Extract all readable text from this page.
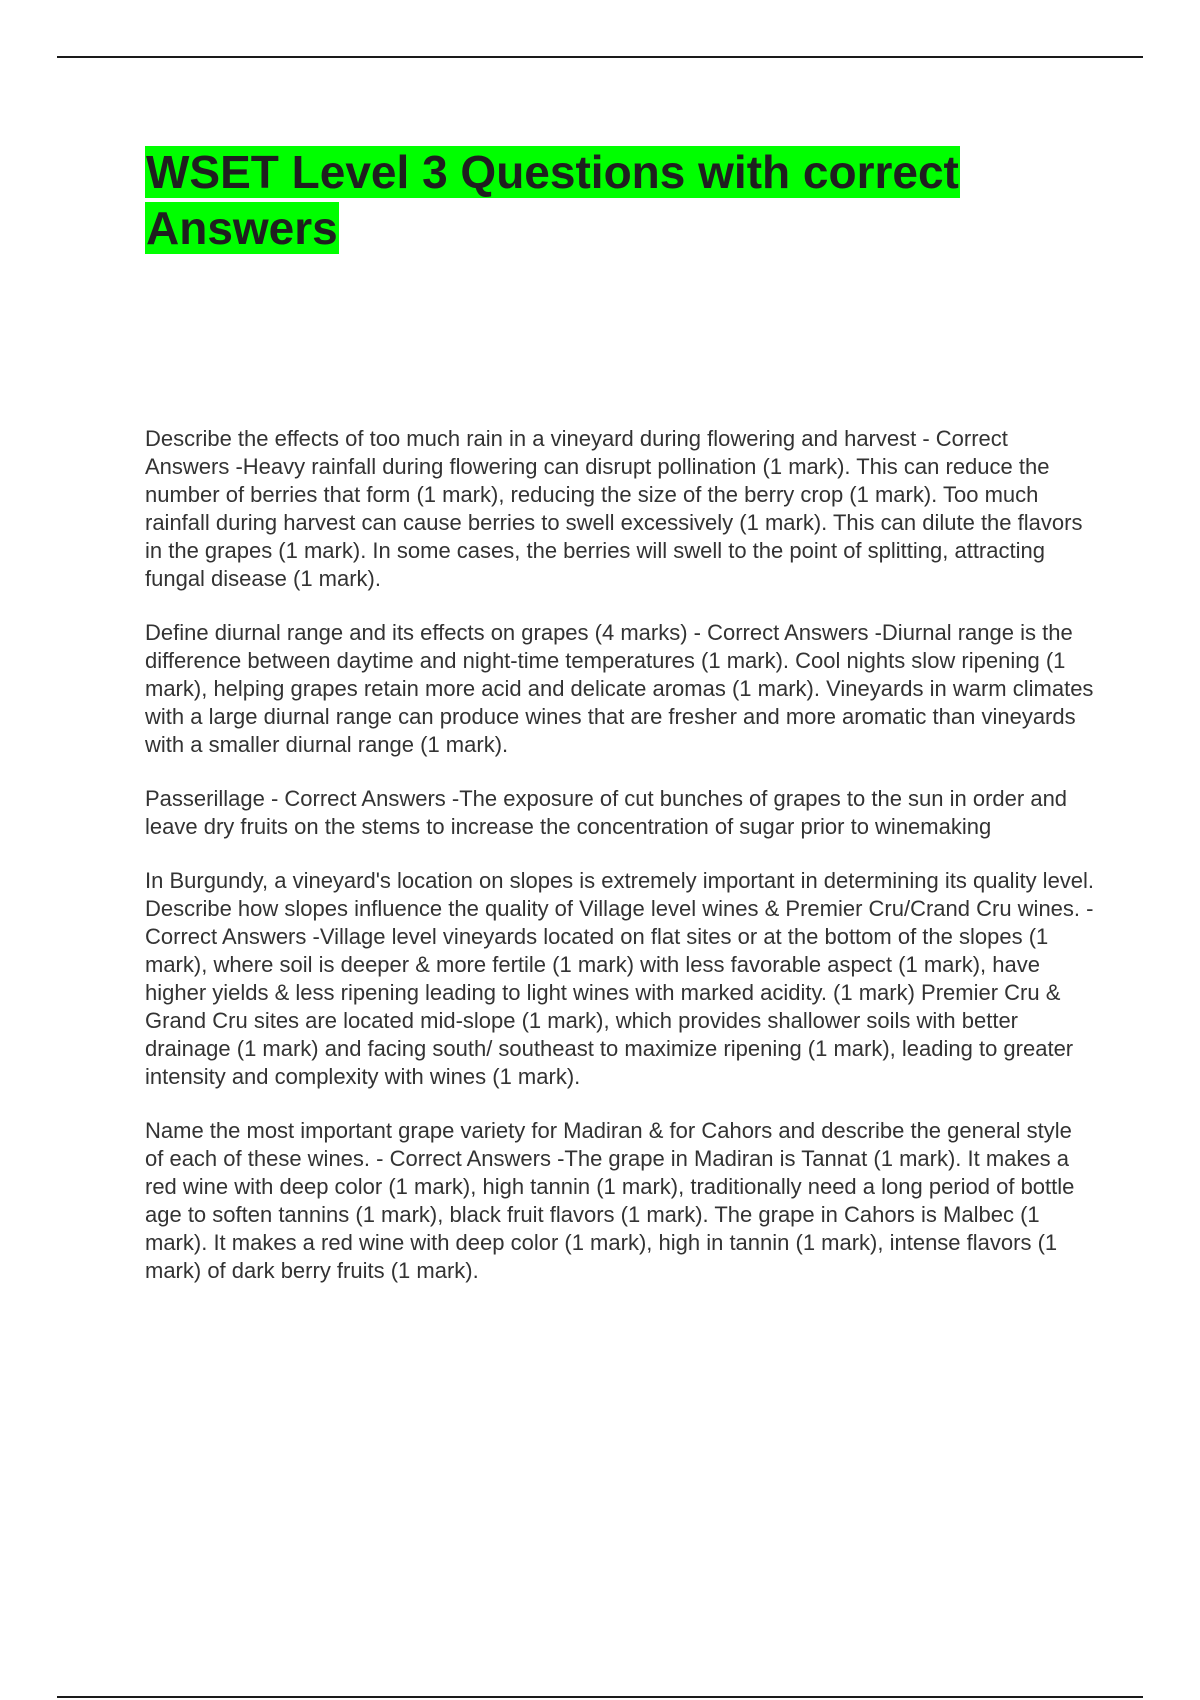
WSET Level 3 Questions with correct
Answers

Describe the effects of too much rain in a vineyard during flowering and harvest - Correct Answers -Heavy rainfall during flowering can disrupt pollination (1 mark). This can reduce the number of berries that form (1 mark), reducing the size of the berry crop (1 mark). Too much rainfall during harvest can cause berries to swell excessively (1 mark). This can dilute the flavors in the grapes (1 mark). In some cases, the berries will swell to the point of splitting, attracting fungal disease (1 mark).

Define diurnal range and its effects on grapes (4 marks) - Correct Answers -Diurnal range is the difference between daytime and night-time temperatures (1 mark). Cool nights slow ripening (1 mark), helping grapes retain more acid and delicate aromas (1 mark). Vineyards in warm climates with a large diurnal range can produce wines that are fresher and more aromatic than vineyards with a smaller diurnal range (1 mark).

Passerillage - Correct Answers -The exposure of cut bunches of grapes to the sun in order and leave dry fruits on the stems to increase the concentration of sugar prior to winemaking

In Burgundy, a vineyard's location on slopes is extremely important in determining its quality level. Describe how slopes influence the quality of Village level wines & Premier Cru/Crand Cru wines. - Correct Answers -Village level vineyards located on flat sites or at the bottom of the slopes (1 mark), where soil is deeper & more fertile (1 mark) with less favorable aspect (1 mark), have higher yields & less ripening leading to light wines with marked acidity. (1 mark) Premier Cru & Grand Cru sites are located mid-slope (1 mark), which provides shallower soils with better drainage (1 mark) and facing south/ southeast to maximize ripening (1 mark), leading to greater intensity and complexity with wines (1 mark).

Name the most important grape variety for Madiran & for Cahors and describe the general style of each of these wines. - Correct Answers -The grape in Madiran is Tannat (1 mark). It makes a red wine with deep color (1 mark), high tannin (1 mark), traditionally need a long period of bottle age to soften tannins (1 mark), black fruit flavors (1 mark). The grape in Cahors is Malbec (1 mark). It makes a red wine with deep color (1 mark), high in tannin (1 mark), intense flavors (1 mark) of dark berry fruits (1 mark).
